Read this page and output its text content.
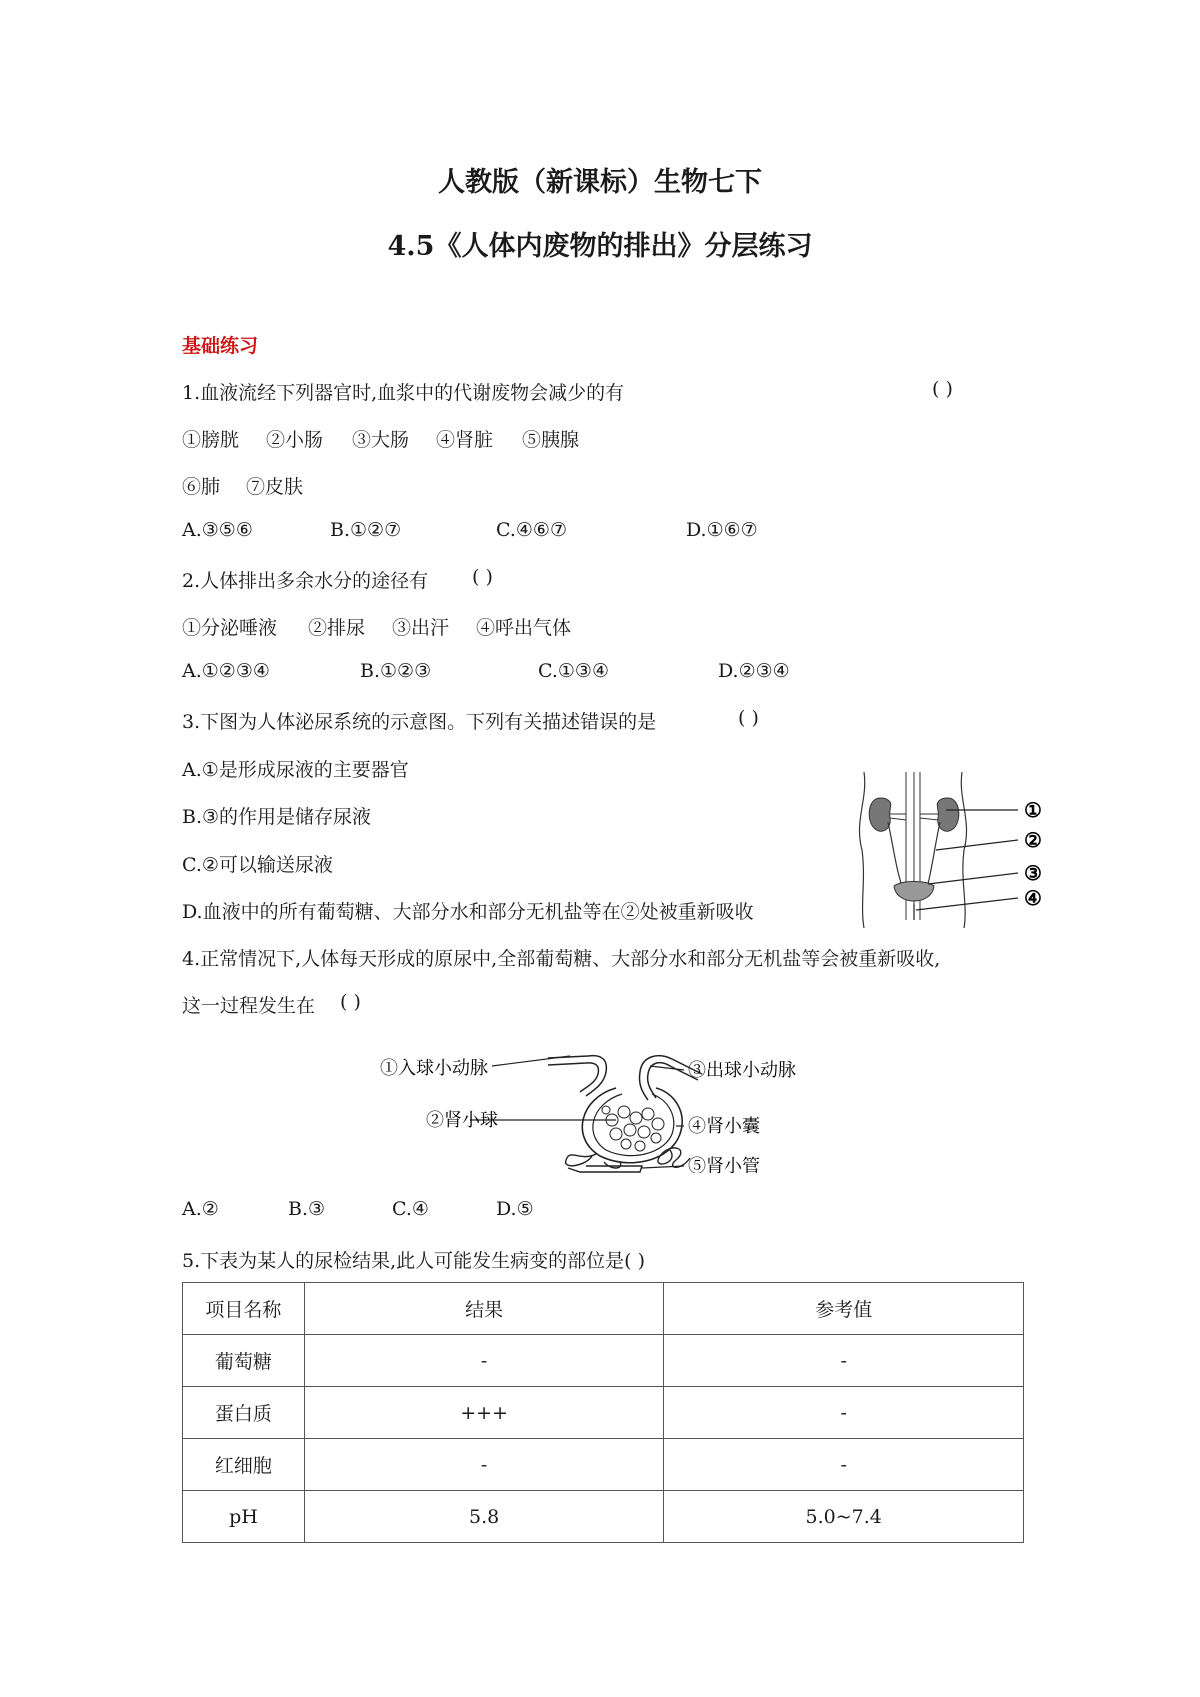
人教版（新课标）生物七下
4.5《人体内废物的排出》分层练习
基础练习
1.血液流经下列器官时,血浆中的代谢废物会减少的有	( )
①膀胱 ②小肠 ③大肠 ④肾脏 ⑤胰腺
⑥肺 ⑦皮肤
A.③⑤⑥	B.①②⑦	C.④⑥⑦	D.①⑥⑦
2.人体排出多余水分的途径有 ( )
①分泌唾液 ②排尿 ③出汗 ④呼出气体
A.①②③④	B.①②③	C.①③④	D.②③④
3.下图为人体泌尿系统的示意图。下列有关描述错误的是	( )
A.①是形成尿液的主要器官
B.③的作用是储存尿液
C.②可以输送尿液
D.血液中的所有葡萄糖、大部分水和部分无机盐等在②处被重新吸收
①
②
③
④
4.正常情况下,人体每天形成的原尿中,全部葡萄糖、大部分水和部分无机盐等会被重新吸收,
这一过程发生在 ( )
①入球小动脉
②肾小球
③出球小动脉
④肾小囊
⑤肾小管
A.②	B.③	C.④	D.⑤
5.下表为某人的尿检结果,此人可能发生病变的部位是( )
项目名称	结果	参考值
葡萄糖	-	-
蛋白质	+++	-
红细胞	-	-
pH	5.8	5.0~7.4
